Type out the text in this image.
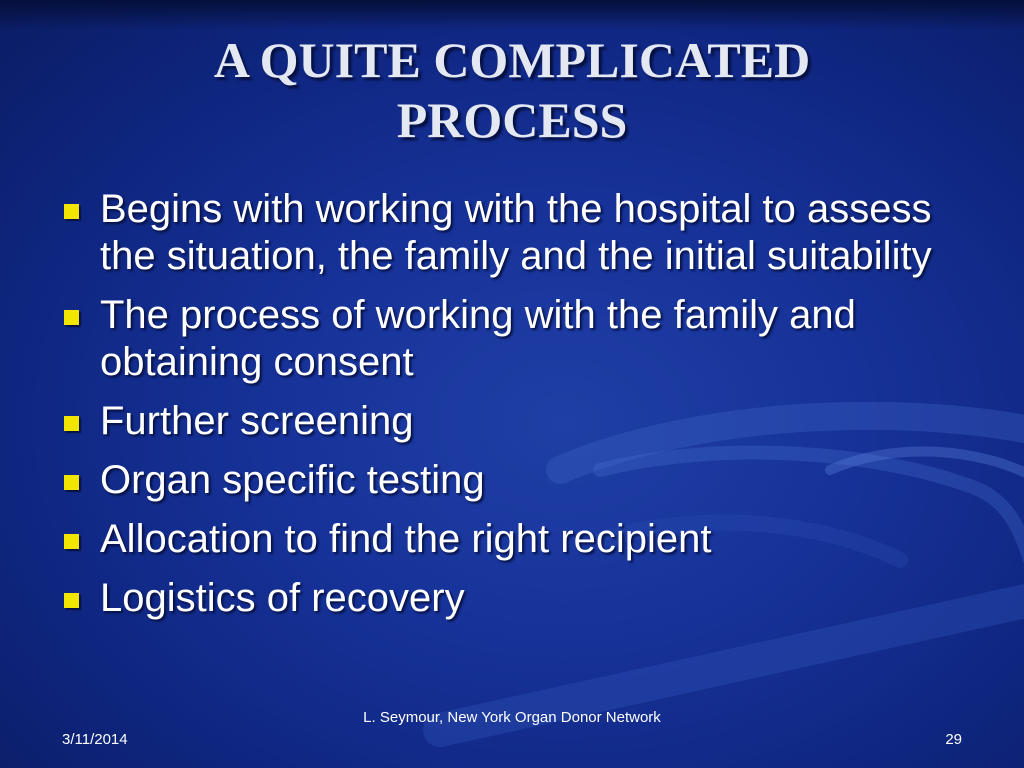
A QUITE COMPLICATED
PROCESS
Begins with working with the hospital to assess the situation, the family and the initial suitability
The process of working with the family and obtaining consent
Further screening
Organ specific testing
Allocation to find the right recipient
Logistics of recovery
3/11/2014
L. Seymour, New York Organ Donor Network
29
